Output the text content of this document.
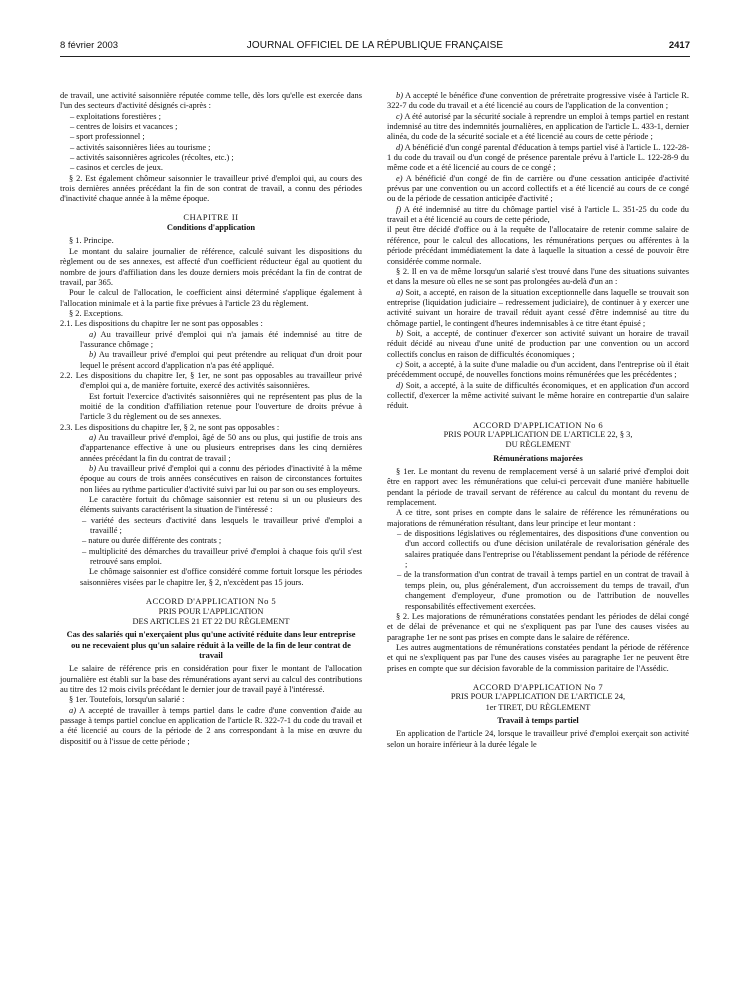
8 février 2003	JOURNAL OFFICIEL DE LA RÉPUBLIQUE FRANÇAISE	2417

de travail, une activité saisonnière réputée comme telle, dès lors qu'elle est exercée dans l'un des secteurs d'activité désignés ci-après :

– exploitations forestières ;

– centres de loisirs et vacances ;

– sport professionnel ;

– activités saisonnières liées au tourisme ;

– activités saisonnières agricoles (récoltes, etc.) ;

– casinos et cercles de jeux.

§ 2. Est également chômeur saisonnier le travailleur privé d'emploi qui, au cours des trois dernières années précédant la fin de son contrat de travail, a connu des périodes d'inactivité chaque année à la même époque.

CHAPITRE II

Conditions d'application

§ 1. Principe.

Le montant du salaire journalier de référence, calculé suivant les dispositions du règlement ou de ses annexes, est affecté d'un coefficient réducteur égal au quotient du nombre de jours d'affiliation dans les douze derniers mois précédant la fin de contrat de travail, par 365.

Pour le calcul de l'allocation, le coefficient ainsi déterminé s'applique également à l'allocation minimale et à la partie fixe prévues à l'article 23 du règlement.

§ 2. Exceptions.

2.1. Les dispositions du chapitre Ier ne sont pas opposables :

a) Au travailleur privé d'emploi qui n'a jamais été indemnisé au titre de l'assurance chômage ;

b) Au travailleur privé d'emploi qui peut prétendre au reliquat d'un droit pour lequel le présent accord d'application n'a pas été appliqué.

2.2. Les dispositions du chapitre Ier, § 1er, ne sont pas opposables au travailleur privé d'emploi qui a, de manière fortuite, exercé des activités saisonnières.

Est fortuit l'exercice d'activités saisonnières qui ne représentent pas plus de la moitié de la condition d'affiliation retenue pour l'ouverture de droits prévue à l'article 3 du règlement ou de ses annexes.

2.3. Les dispositions du chapitre Ier, § 2, ne sont pas opposables :

a) Au travailleur privé d'emploi, âgé de 50 ans ou plus, qui justifie de trois ans d'appartenance effective à une ou plusieurs entreprises dans les cinq dernières années précédant la fin du contrat de travail ;

b) Au travailleur privé d'emploi qui a connu des périodes d'inactivité à la même époque au cours de trois années consécutives en raison de circonstances fortuites non liées au rythme particulier d'activité suivi par lui ou par son ou ses employeurs.

Le caractère fortuit du chômage saisonnier est retenu si un ou plusieurs des éléments suivants caractérisent la situation de l'intéressé :

– variété des secteurs d'activité dans lesquels le travailleur privé d'emploi a travaillé ;

– nature ou durée différente des contrats ;

– multiplicité des démarches du travailleur privé d'emploi à chaque fois qu'il s'est retrouvé sans emploi.

Le chômage saisonnier est d'office considéré comme fortuit lorsque les périodes saisonnières visées par le chapitre Ier, § 2, n'excèdent pas 15 jours.

ACCORD D'APPLICATION No 5

PRIS POUR L'APPLICATION

DES ARTICLES 21 ET 22 DU RÈGLEMENT

Cas des salariés qui n'exerçaient plus qu'une activité réduite dans leur entreprise ou ne recevaient plus qu'un salaire réduit à la veille de la fin de leur contrat de travail

Le salaire de référence pris en considération pour fixer le montant de l'allocation journalière est établi sur la base des rémunérations ayant servi au calcul des contributions au titre des 12 mois civils précédant le dernier jour de travail payé à l'intéressé.

§ 1er. Toutefois, lorsqu'un salarié :

a) A accepté de travailler à temps partiel dans le cadre d'une convention d'aide au passage à temps partiel conclue en application de l'article R. 322-7-1 du code du travail et a été licencié au cours de la période de 2 ans correspondant à la mise en œuvre du dispositif ou à l'issue de cette période ;

b) A accepté le bénéfice d'une convention de préretraite progressive visée à l'article R. 322-7 du code du travail et a été licencié au cours de l'application de la convention ;

c) A été autorisé par la sécurité sociale à reprendre un emploi à temps partiel en restant indemnisé au titre des indemnités journalières, en application de l'article L. 433-1, dernier alinéa, du code de la sécurité sociale et a été licencié au cours de cette période ;

d) A bénéficié d'un congé parental d'éducation à temps partiel visé à l'article L. 122-28-1 du code du travail ou d'un congé de présence parentale prévu à l'article L. 122-28-9 du même code et a été licencié au cours de ce congé ;

e) A bénéficié d'un congé de fin de carrière ou d'une cessation anticipée d'activité prévus par une convention ou un accord collectifs et a été licencié au cours de ce congé ou de la période de cessation anticipée d'activité ;

f) A été indemnisé au titre du chômage partiel visé à l'article L. 351-25 du code du travail et a été licencié au cours de cette période,

il peut être décidé d'office ou à la requête de l'allocataire de retenir comme salaire de référence, pour le calcul des allocations, les rémunérations perçues ou afférentes à la période précédant immédiatement la date à laquelle la situation a cessé de pouvoir être considérée comme normale.

§ 2. Il en va de même lorsqu'un salarié s'est trouvé dans l'une des situations suivantes et dans la mesure où elles ne se sont pas prolongées au-delà d'un an :

a) Soit, a accepté, en raison de la situation exceptionnelle dans laquelle se trouvait son entreprise (liquidation judiciaire – redressement judiciaire), de continuer à y exercer une activité suivant un horaire de travail réduit ayant cessé d'être indemnisé au titre du chômage partiel, le contingent d'heures indemnisables à ce titre étant épuisé ;

b) Soit, a accepté, de continuer d'exercer son activité suivant un horaire de travail réduit décidé au niveau d'une unité de production par une convention ou un accord collectifs conclus en raison de difficultés économiques ;

c) Soit, a accepté, à la suite d'une maladie ou d'un accident, dans l'entreprise où il était précédemment occupé, de nouvelles fonctions moins rémunérées que les précédentes ;

d) Soit, a accepté, à la suite de difficultés économiques, et en application d'un accord collectif, d'exercer la même activité suivant le même horaire en contrepartie d'un salaire réduit.

ACCORD D'APPLICATION No 6

PRIS POUR L'APPLICATION DE L'ARTICLE 22, § 3,

DU RÈGLEMENT

Rémunérations majorées

§ 1er. Le montant du revenu de remplacement versé à un salarié privé d'emploi doit être en rapport avec les rémunérations que celui-ci percevait d'une manière habituelle pendant la période de travail servant de référence au calcul du montant du revenu de remplacement.

A ce titre, sont prises en compte dans le salaire de référence les rémunérations ou majorations de rémunération résultant, dans leur principe et leur montant :

– de dispositions législatives ou réglementaires, des dispositions d'une convention ou d'un accord collectifs ou d'une décision unilatérale de revalorisation générale des salaires pratiquée dans l'entreprise ou l'établissement pendant la période de référence ;

– de la transformation d'un contrat de travail à temps partiel en un contrat de travail à temps plein, ou, plus généralement, d'un accroissement du temps de travail, d'un changement d'employeur, d'une promotion ou de l'attribution de nouvelles responsabilités effectivement exercées.

§ 2. Les majorations de rémunérations constatées pendant les périodes de délai congé et de délai de prévenance et qui ne s'expliquent pas par l'une des causes visées au paragraphe 1er ne sont pas prises en compte dans le salaire de référence.

Les autres augmentations de rémunérations constatées pendant la période de référence et qui ne s'expliquent pas par l'une des causes visées au paragraphe 1er ne peuvent être prises en compte que sur décision favorable de la commission paritaire de l'Assédic.

ACCORD D'APPLICATION No 7

PRIS POUR L'APPLICATION DE L'ARTICLE 24,

1er TIRET, DU RÈGLEMENT

Travail à temps partiel

En application de l'article 24, lorsque le travailleur privé d'emploi exerçait son activité selon un horaire inférieur à la durée légale le
